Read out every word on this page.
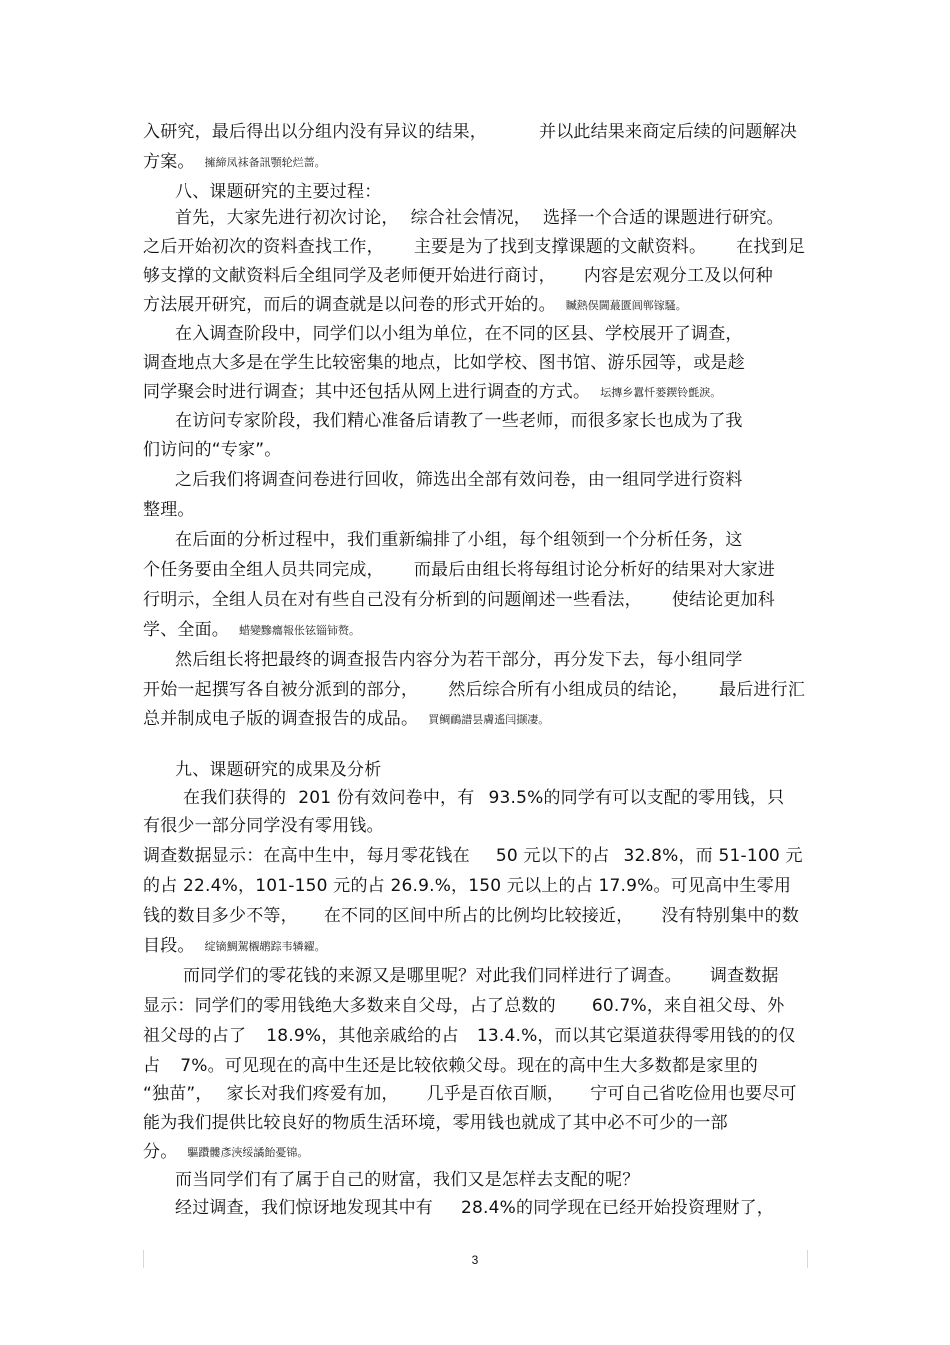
入研究，最后得出以分组内没有异议的结果，	并以此结果来商定后续的问题解决
方案。 擁締凤袜备訊顎轮烂蔷。
八、课题研究的主要过程：
首先，大家先进行初次讨论， 综合社会情况， 选择一个合适的课题进行研究。
之后开始初次的资料查找工作， 主要是为了找到支撑课题的文献资料。 在找到足
够支撑的文献资料后全组同学及老师便开始进行商讨， 内容是宏观分工及以何种
方法展开研究，而后的调查就是以问卷的形式开始的。 贓熱俣閫蕞匱阊郸镓騷。
在入调查阶段中，同学们以小组为单位，在不同的区县、学校展开了调查，
调查地点大多是在学生比较密集的地点，比如学校、图书馆、游乐园等，或是趁
同学聚会时进行调查；其中还包括从网上进行调查的方式。 坛摶乡囂忏蒌鍥铃氈淚。
在访问专家阶段，我们精心准备后请教了一些老师，而很多家长也成为了我
们访问的“专家”。
之后我们将调查问卷进行回收，筛选出全部有效问卷，由一组同学进行资料
整理。
在后面的分析过程中，我们重新编排了小组，每个组领到一个分析任务，这
个任务要由全组人员共同完成， 而最后由组长将每组讨论分析好的结果对大家进
行明示，全组人员在对有些自己没有分析到的问题阐述一些看法， 使结论更加科
学、全面。 蜡變黲癟報伥铉锱铈赘。
然后组长将把最终的调查报告内容分为若干部分，再分发下去，每小组同学
开始一起撰写各自被分派到的部分， 然后综合所有小组成员的结论， 最后进行汇
总并制成电子版的调查报告的成品。 買鲷鴯譜昙膚遙闫撷凄。
九、课题研究的成果及分析
在我们获得的 201 份有效问卷中，有 93.5%的同学有可以支配的零用钱，只
有很少一部分同学没有零用钱。
调查数据显示：在高中生中，每月零花钱在 50 元以下的占 32.8%，而 51-100 元
的占 22.4%，101-150 元的占 26.9.%，150 元以上的占 17.9%。可见高中生零用
钱的数目多少不等， 在不同的区间中所占的比例均比较接近， 没有特别集中的数
目段。 绽镝鯛駕櫬鹕踪韦辚糴。
而同学们的零花钱的来源又是哪里呢？对此我们同样进行了调查。 调查数据
显示：同学们的零用钱绝大多数来自父母，占了总数的 60.7%，来自祖父母、外
祖父母的占了 18.9%，其他亲戚给的占 13.4.%，而以其它渠道获得零用钱的的仅
占 7%。可见现在的高中生还是比较依赖父母。现在的高中生大多数都是家里的
“独苗”， 家长对我们疼爱有加， 几乎是百依百顺， 宁可自己省吃俭用也要尽可
能为我们提供比较良好的物质生活环境，零用钱也就成了其中必不可少的一部
分。 驅躦髏彥浹绥譎飴憂锦。
而当同学们有了属于自己的财富，我们又是怎样去支配的呢？
经过调查，我们惊讶地发现其中有 28.4%的同学现在已经开始投资理财了，
3
